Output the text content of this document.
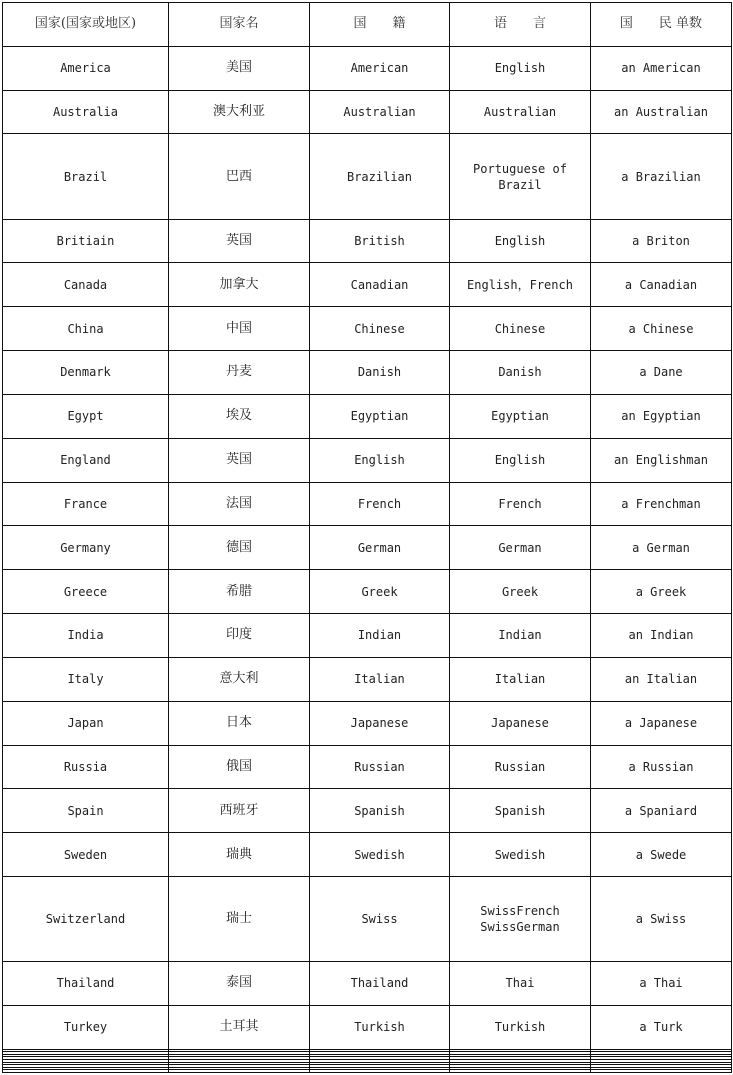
国家(国家或地区)	国家名	国　　籍	语　　言	国　　民 单数
America	美国	American	English	an American
Australia	澳大利亚	Australian	Australian	an Australian
Brazil	巴西	Brazilian	Portuguese of Brazil	a Brazilian
Britiain	英国	British	English	a Briton
Canada	加拿大	Canadian	English，French	a Canadian
China	中国	Chinese	Chinese	a Chinese
Denmark	丹麦	Danish	Danish	a Dane
Egypt	埃及	Egyptian	Egyptian	an Egyptian
England	英国	English	English	an Englishman
France	法国	French	French	a Frenchman
Germany	德国	German	German	a German
Greece	希腊	Greek	Greek	a Greek
India	印度	Indian	Indian	an Indian
Italy	意大利	Italian	Italian	an Italian
Japan	日本	Japanese	Japanese	a Japanese
Russia	俄国	Russian	Russian	a Russian
Spain	西班牙	Spanish	Spanish	a Spaniard
Sweden	瑞典	Swedish	Swedish	a Swede
Switzerland	瑞士	Swiss	SwissFrench SwissGerman	a Swiss
Thailand	泰国	Thailand	Thai	a Thai
Turkey	土耳其	Turkish	Turkish	a Turk
